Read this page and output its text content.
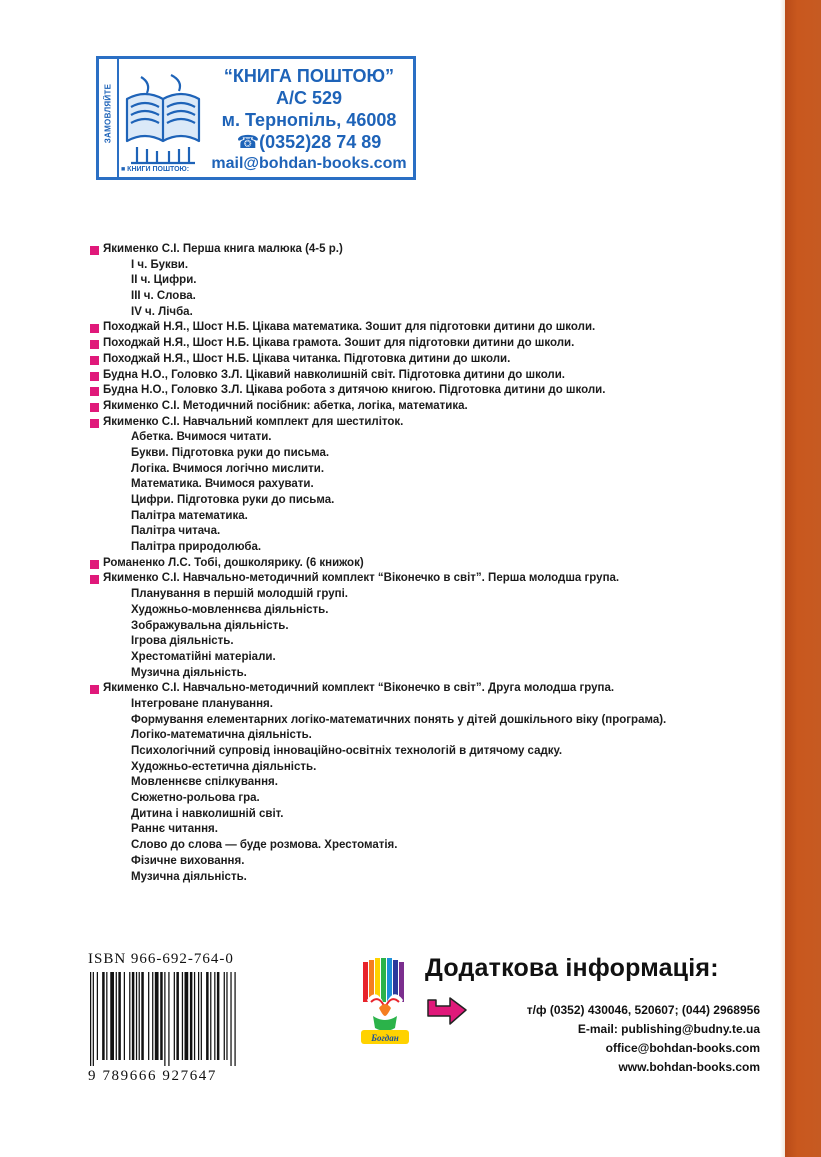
ЗАМОВЛЯЙТЕ
“КНИГА ПОШТОЮ”
А/С 529
м. Тернопіль, 46008
☎(0352)28 74 89
mail@bohdan-books.com
■ КНИГИ ПОШТОЮ:
Якименко С.І. Перша книга малюка (4-5 р.)
І ч. Букви.
ІІ ч. Цифри.
ІІІ ч. Слова.
IV ч. Лічба.
Походжай Н.Я., Шост Н.Б. Цікава математика. Зошит для підготовки дитини до школи.
Походжай Н.Я., Шост Н.Б. Цікава грамота. Зошит для підготовки дитини до школи.
Походжай Н.Я., Шост Н.Б. Цікава читанка. Підготовка дитини до школи.
Будна Н.О., Головко З.Л. Цікавий навколишній світ. Підготовка дитини до школи.
Будна Н.О., Головко З.Л. Цікава робота з дитячою книгою. Підготовка дитини до школи.
Якименко С.І. Методичний посібник: абетка, логіка, математика.
Якименко С.І. Навчальний комплект для шестиліток.
Абетка. Вчимося читати.
Букви. Підготовка руки до письма.
Логіка. Вчимося логічно мислити.
Математика. Вчимося рахувати.
Цифри. Підготовка руки до письма.
Палітра математика.
Палітра читача.
Палітра природолюба.
Романенко Л.С. Тобі, дошколярику. (6 книжок)
Якименко С.І. Навчально-методичний комплект “Віконечко в світ”. Перша молодша група.
Планування в першій молодшій групі.
Художньо-мовленнєва діяльність.
Зображувальна діяльність.
Ігрова діяльність.
Хрестоматійні матеріали.
Музична діяльність.
Якименко С.І. Навчально-методичний комплект “Віконечко в світ”. Друга молодша група.
Інтегроване планування.
Формування елементарних логіко-математичних понять у дітей дошкільного віку (програма).
Логіко-математична діяльність.
Психологічний супровід інноваційно-освітніх технологій в дитячому садку.
Художньо-естетична діяльність.
Мовленнєве спілкування.
Сюжетно-рольова гра.
Дитина і навколишній світ.
Раннє читання.
Слово до слова — буде розмова. Хрестоматія.
Фізичне виховання.
Музична діяльність.
ISBN 966-692-764-0
9 789666 927647
Богдан
Додаткова інформація:
т/ф (0352) 430046, 520607; (044) 2968956
E-mail: publishing@budny.te.ua
office@bohdan-books.com
www.bohdan-books.com
